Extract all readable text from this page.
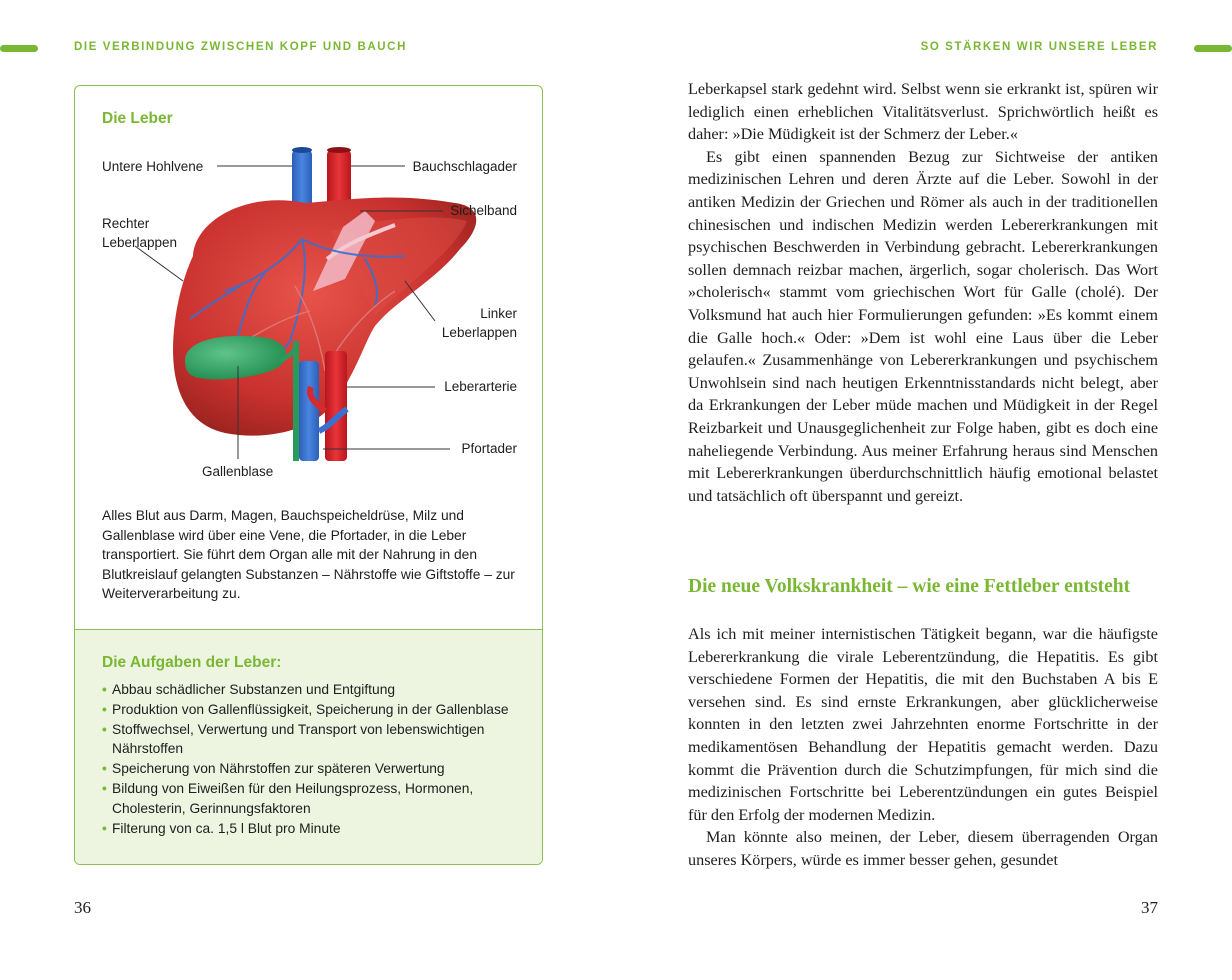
DIE VERBINDUNG ZWISCHEN KOPF UND BAUCH	SO STÄRKEN WIR UNSERE LEBER
Die Leber
Untere Hohlvene	Bauchschlagader
Sichelband
Rechter
Leberlappen
Linker
Leberlappen
Leberarterie
Pfortader
Gallenblase
Alles Blut aus Darm, Magen, Bauchspeicheldrüse, Milz und Gallenblase wird über eine Vene, die Pfortader, in die Leber transportiert. Sie führt dem Organ alle mit der Nahrung in den Blutkreislauf gelangten Substanzen – Nährstoffe wie Giftstoffe – zur Weiterverarbeitung zu.
Die Aufgaben der Leber:
• Abbau schädlicher Substanzen und Entgiftung
• Produktion von Gallenflüssigkeit, Speicherung in der Gallenblase
• Stoffwechsel, Verwertung und Transport von lebenswichtigen Nährstoffen
• Speicherung von Nährstoffen zur späteren Verwertung
• Bildung von Eiweißen für den Heilungsprozess, Hormonen, Cholesterin, Gerinnungsfaktoren
• Filterung von ca. 1,5 l Blut pro Minute

Leberkapsel stark gedehnt wird. Selbst wenn sie erkrankt ist, spüren wir lediglich einen erheblichen Vitalitätsverlust. Sprichwörtlich heißt es daher: »Die Müdigkeit ist der Schmerz der Leber.«

Es gibt einen spannenden Bezug zur Sichtweise der antiken medizinischen Lehren und deren Ärzte auf die Leber. Sowohl in der antiken Medizin der Griechen und Römer als auch in der traditionellen chinesischen und indischen Medizin werden Lebererkrankungen mit psychischen Beschwerden in Verbindung gebracht. Lebererkrankungen sollen demnach reizbar machen, ärgerlich, sogar cholerisch. Das Wort »cholerisch« stammt vom griechischen Wort für Galle (cholé). Der Volksmund hat auch hier Formulierungen gefunden: »Es kommt einem die Galle hoch.« Oder: »Dem ist wohl eine Laus über die Leber gelaufen.« Zusammenhänge von Lebererkrankungen und psychischem Unwohlsein sind nach heutigen Erkenntnisstandards nicht belegt, aber da Erkrankungen der Leber müde machen und Müdigkeit in der Regel Reizbarkeit und Unausgeglichenheit zur Folge haben, gibt es doch eine naheliegende Verbindung. Aus meiner Erfahrung heraus sind Menschen mit Lebererkrankungen überdurchschnittlich häufig emotional belastet und tatsächlich oft überspannt und gereizt.

Die neue Volkskrankheit – wie eine Fettleber entsteht

Als ich mit meiner internistischen Tätigkeit begann, war die häufigste Lebererkrankung die virale Leberentzündung, die Hepatitis. Es gibt verschiedene Formen der Hepatitis, die mit den Buchstaben A bis E versehen sind. Es sind ernste Erkrankungen, aber glücklicherweise konnten in den letzten zwei Jahrzehnten enorme Fortschritte in der medikamentösen Behandlung der Hepatitis gemacht werden. Dazu kommt die Prävention durch die Schutzimpfungen, für mich sind die medizinischen Fortschritte bei Leberentzündungen ein gutes Beispiel für den Erfolg der modernen Medizin.

Man könnte also meinen, der Leber, diesem überragenden Organ unseres Körpers, würde es immer besser gehen, gesundet

36	37
